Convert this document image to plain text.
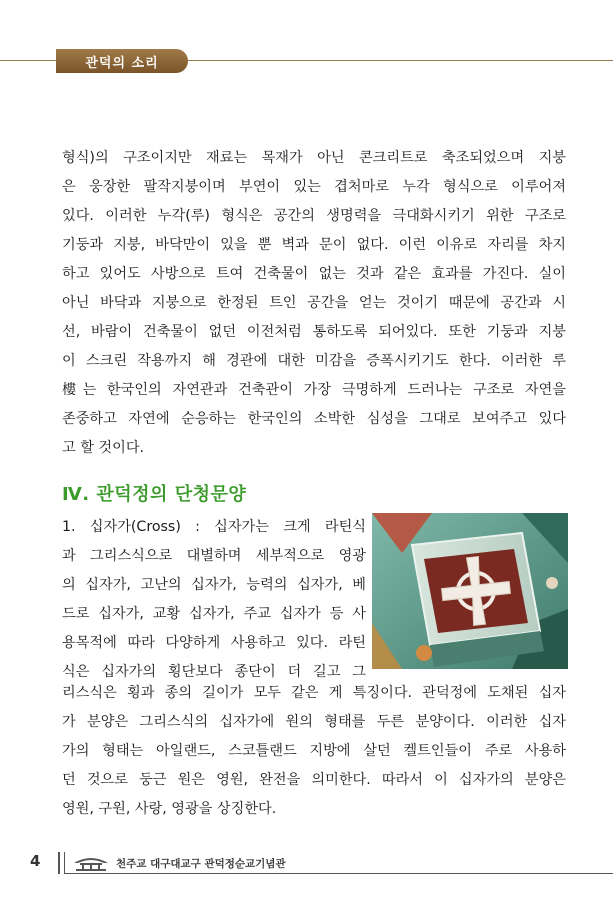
관덕의 소리
형식)의 구조이지만 재료는 목재가 아닌 콘크리트로 축조되었으며 지붕
은 웅장한 팔작지붕이며 부연이 있는 겹처마로 누각 형식으로 이루어져
있다. 이러한 누각(루) 형식은 공간의 생명력을 극대화시키기 위한 구조로
기둥과 지붕, 바닥만이 있을 뿐 벽과 문이 없다. 이런 이유로 자리를 차지
하고 있어도 사방으로 트여 건축물이 없는 것과 같은 효과를 가진다. 실이
아닌 바닥과 지붕으로 한정된 트인 공간을 얻는 것이기 때문에 공간과 시
선, 바람이 건축물이 없던 이전처럼 통하도록 되어있다. 또한 기둥과 지붕
이 스크린 작용까지 해 경관에 대한 미감을 증폭시키기도 한다. 이러한 루
樓는 한국인의 자연관과 건축관이 가장 극명하게 드러나는 구조로 자연을
존중하고 자연에 순응하는 한국인의 소박한 심성을 그대로 보여주고 있다
고 할 것이다.
Ⅳ. 관덕정의 단청문양
1. 십자가(Cross) : 십자가는 크게 라틴식
과 그리스식으로 대별하며 세부적으로 영광
의 십자가, 고난의 십자가, 능력의 십자가, 베
드로 십자가, 교황 십자가, 주교 십자가 등 사
용목적에 따라 다양하게 사용하고 있다. 라틴
식은 십자가의 횡단보다 종단이 더 길고 그
리스식은 횡과 종의 길이가 모두 같은 게 특징이다. 관덕정에 도채된 십자
가 분양은 그리스식의 십자가에 원의 형태를 두른 분양이다. 이러한 십자
가의 형태는 아일랜드, 스코틀랜드 지방에 살던 켈트인들이 주로 사용하
던 것으로 둥근 원은 영원, 완전을 의미한다. 따라서 이 십자가의 분양은
영원, 구원, 사랑, 영광을 상징한다.
4	천주교 대구대교구 관덕정순교기념관
